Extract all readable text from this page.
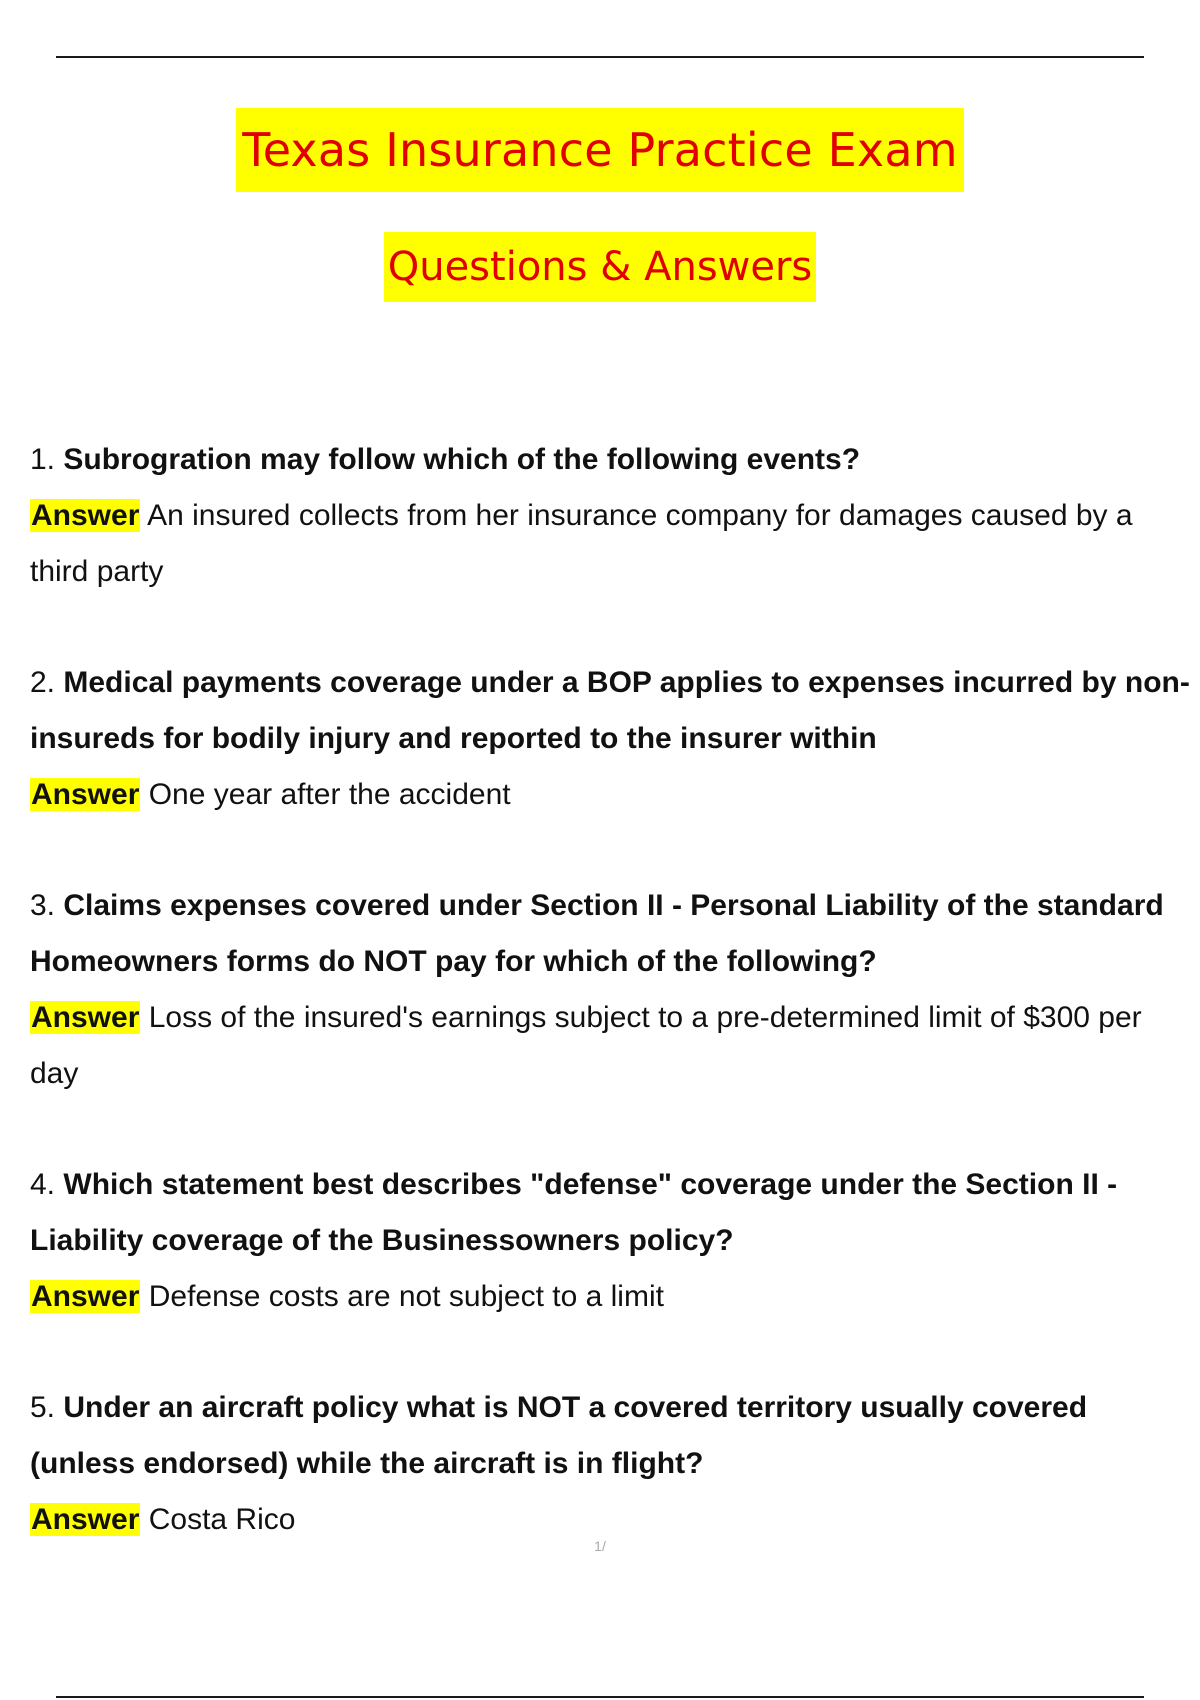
Texas Insurance Practice Exam
Questions & Answers
1. Subrogration may follow which of the following events?
Answer An insured collects from her insurance company for damages caused by a third party
2. Medical payments coverage under a BOP applies to expenses incurred by non-insureds for bodily injury and reported to the insurer within
Answer One year after the accident
3. Claims expenses covered under Section II - Personal Liability of the standard Homeowners forms do NOT pay for which of the following?
Answer Loss of the insured's earnings subject to a pre-determined limit of $300 per day
4. Which statement best describes "defense" coverage under the Section II - Liability coverage of the Businessowners policy?
Answer Defense costs are not subject to a limit
5. Under an aircraft policy what is NOT a covered territory usually covered (unless endorsed) while the aircraft is in flight?
Answer Costa Rico
1/
